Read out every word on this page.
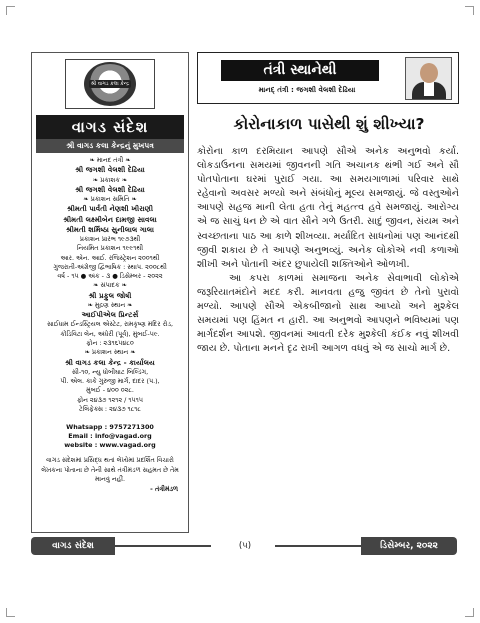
શ્રી વાગડ કલા કેન્દ્ર
વાગડ સંદેશ
શ્રી વાગડ કલા કેન્દ્રનું મુખપત્ર
❧ માનદ તંત્રી ❧
શ્રી જગશી વેલશી દેઢિયા
❧ પ્રકાશક ❧
શ્રી જગશી વેલશી દેઢિયા
❧ પ્રકાશન સમિતિ ❧
શ્રીમતી પાર્વતી નેણશી ખીરાણી
શ્રીમતી લક્ષ્મીબેન દામજી સાવલા
શ્રીમતી શર્મિષ્ઠા સુનીલાલ ગાલા
પ્રકાશન પ્રારંભ ૧૯૭૩થી
નિયમિત પ્રકાશન ૧૯૯૧થી
આર. એન. આઈ. રજિસ્ટ્રેશન ૨૦૦૧થી
ગુજરાતી-અંગ્રેજી દ્વિભાષિક : સ્થાપ. ૨૦૦૮થી
વર્ષ - ૧૫ ● અંક - ૩ ● ડિસેમ્બર - ૨૦૨૨
❧ સંપાદક ❧
શ્રી પ્રફુલ જોષી
❧ મુદ્રણ સ્થાન ❧
આઈપીએલ પ્રિન્ટર્સ
સાઈધામ ઈન્ડસ્ટ્રિયલ એસ્ટેટ, રામકૃષ્ણ મંદિર રોડ,
કોંડિવિટા લેન, અંધેરી (પૂર્વ), મુંબઈ-૫૯.
ફોન : ૨૩૧૬૫૪૮૦
❧ પ્રકાશન સ્થાન ❧
શ્રી વાગડ કલા કેન્દ્ર - કાર્યાલય
સી-૧૦, ન્યુ ધોબીઘાટ બિલ્ડિંગ,
પી. એલ. કાકે ગુરુજી માર્ગ, દાદર (પ.),
મુંબઈ - ૪૦૦ ૦૨૮.
ફોન ૨૪૩૭ ૧૨૧૨ / ૧૫૧૫
ટેલિફેક્સ : ૨૪૩૭ ૧૮૧૮
Whatsapp : 9757271300
Email : info@vagad.org
website : www.vagad.org
વાગડ સંદેશમાં પ્રસિદ્ધ થતાં લેખોમાં પ્રદર્શિત વિચારો લેખકના પોતાના છે તેની સાથે તંત્રીમંડળ સહમત છે તેમ માનવું નહીં.
- તંત્રીમંડળ
તંત્રી સ્થાનેથી
માનદ્ તંત્રી : જગશી વેલશી દેઢિયા
કોરોનાકાળ પાસેથી શું શીખ્યા?

કોરોના કાળ દરમિયાન આપણે સૌએ અનેક અનુભવો કર્યા. લોકડાઉનના સમયમાં જીવનની ગતિ અચાનક થંભી ગઈ અને સૌ પોતપોતાના ઘરમાં પુરાઈ ગયા. આ સમયગાળામાં પરિવાર સાથે રહેવાનો અવસર મળ્યો અને સંબંધોનું મૂલ્ય સમજાયું. જે વસ્તુઓને આપણે સહજ માની લેતા હતા તેનું મહત્ત્વ હવે સમજાયું. આરોગ્ય એ જ સાચું ધન છે એ વાત સૌને ગળે ઉતરી. સાદું જીવન, સંયમ અને સ્વચ્છતાના પાઠ આ કાળે શીખવ્યા. મર્યાદિત સાધનોમાં પણ આનંદથી જીવી શકાય છે તે આપણે અનુભવ્યું. અનેક લોકોએ નવી કળાઓ શીખી અને પોતાની અંદર છુપાયેલી શક્તિઓને ઓળખી.

આ કપરા કાળમાં સમાજના અનેક સેવાભાવી લોકોએ જરૂરિયાતમંદોને મદદ કરી. માનવતા હજુ જીવંત છે તેનો પુરાવો મળ્યો. આપણે સૌએ એકબીજાનો સાથ આપ્યો અને મુશ્કેલ સમયમાં પણ હિંમત ન હારી. આ અનુભવો આપણને ભવિષ્યમાં પણ માર્ગદર્શન આપશે. જીવનમાં આવતી દરેક મુશ્કેલી કંઈક નવું શીખવી જાય છે. પોતાના મનને દૃઢ રાખી આગળ વધવું એ જ સાચો માર્ગ છે.

વાગડ સંદેશ	(૫)	ડિસેમ્બર, ૨૦૨૨
